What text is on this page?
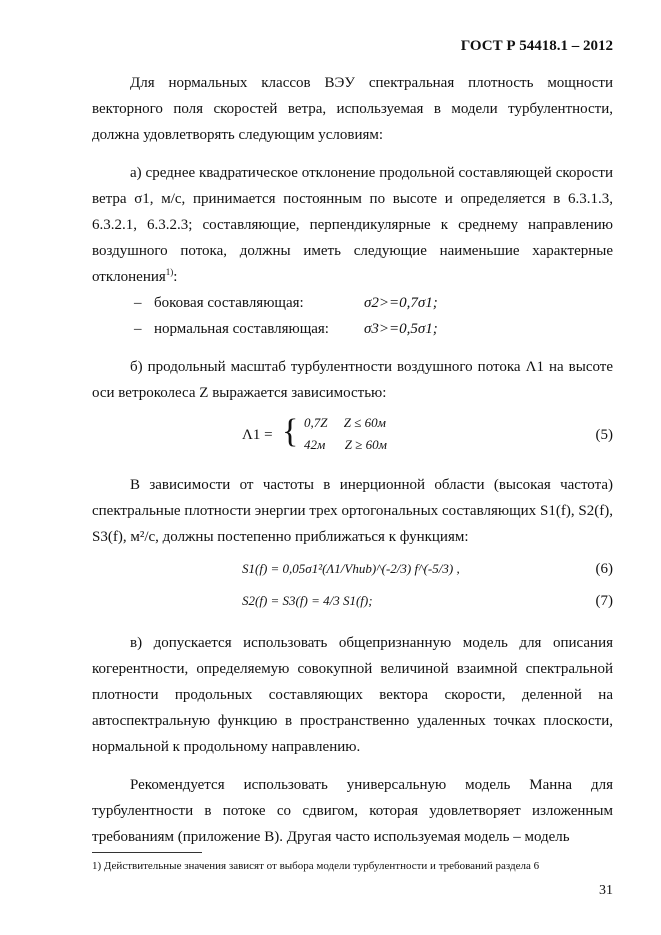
ГОСТ Р 54418.1 – 2012

Для нормальных классов ВЭУ спектральная плотность мощности векторного поля скоростей ветра, используемая в модели турбулентности, должна удовлетворять следующим условиям:

а) среднее квадратическое отклонение продольной составляющей скорости ветра σ1, м/с, принимается постоянным по высоте и определяется в 6.3.1.3, 6.3.2.1, 6.3.2.3; составляющие, перпендикулярные к среднему направлению воздушного потока, должны иметь следующие наименьшие характерные отклонения$^{1)}$:

– боковая составляющая:	σ2>=0,7σ1;
– нормальная составляющая: σ3>=0,5σ1;

б) продольный масштаб турбулентности воздушного потока Λ1 на высоте оси ветроколеса Z выражается зависимостью:

Λ1 = { 0,7Z     Z ≤ 60м
42м      Z ≥ 60м
(5)

В зависимости от частоты в инерционной области (высокая частота) спектральные плотности энергии трех ортогональных составляющих S1(f), S2(f), S3(f), м²/с, должны постепенно приближаться к функциям:

S1(f) = 0,05σ1²(Λ1/Vhub)^(-2/3) f^(-5/3) ,	(6)
S2(f) = S3(f) = 4/3 S1(f);	(7)

в) допускается использовать общепризнанную модель для описания когерентности, определяемую совокупной величиной взаимной спектральной плотности продольных составляющих вектора скорости, деленной на автоспектральную функцию в пространственно удаленных точках плоскости, нормальной к продольному направлению.

Рекомендуется использовать универсальную модель Манна для турбулентности в потоке со сдвигом, которая удовлетворяет изложенным требованиям (приложение В). Другая часто используемая модель – модель

1) Действительные значения зависят от выбора модели турбулентности и требований раздела 6
31
